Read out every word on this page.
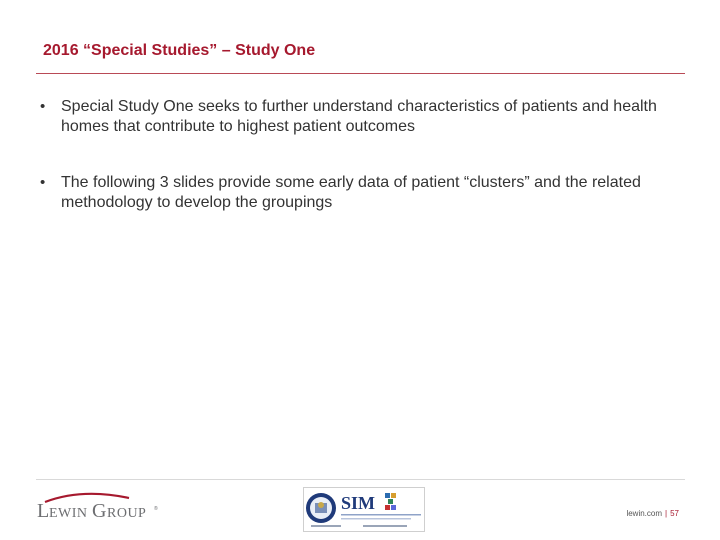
2016 “Special Studies” – Study One
• Special Study One seeks to further understand characteristics of patients and health homes that contribute to highest patient outcomes
• The following 3 slides provide some early data of patient “clusters” and the related methodology to develop the groupings
L EWIN G ROUP ®	SIM
lewin.com | 57
